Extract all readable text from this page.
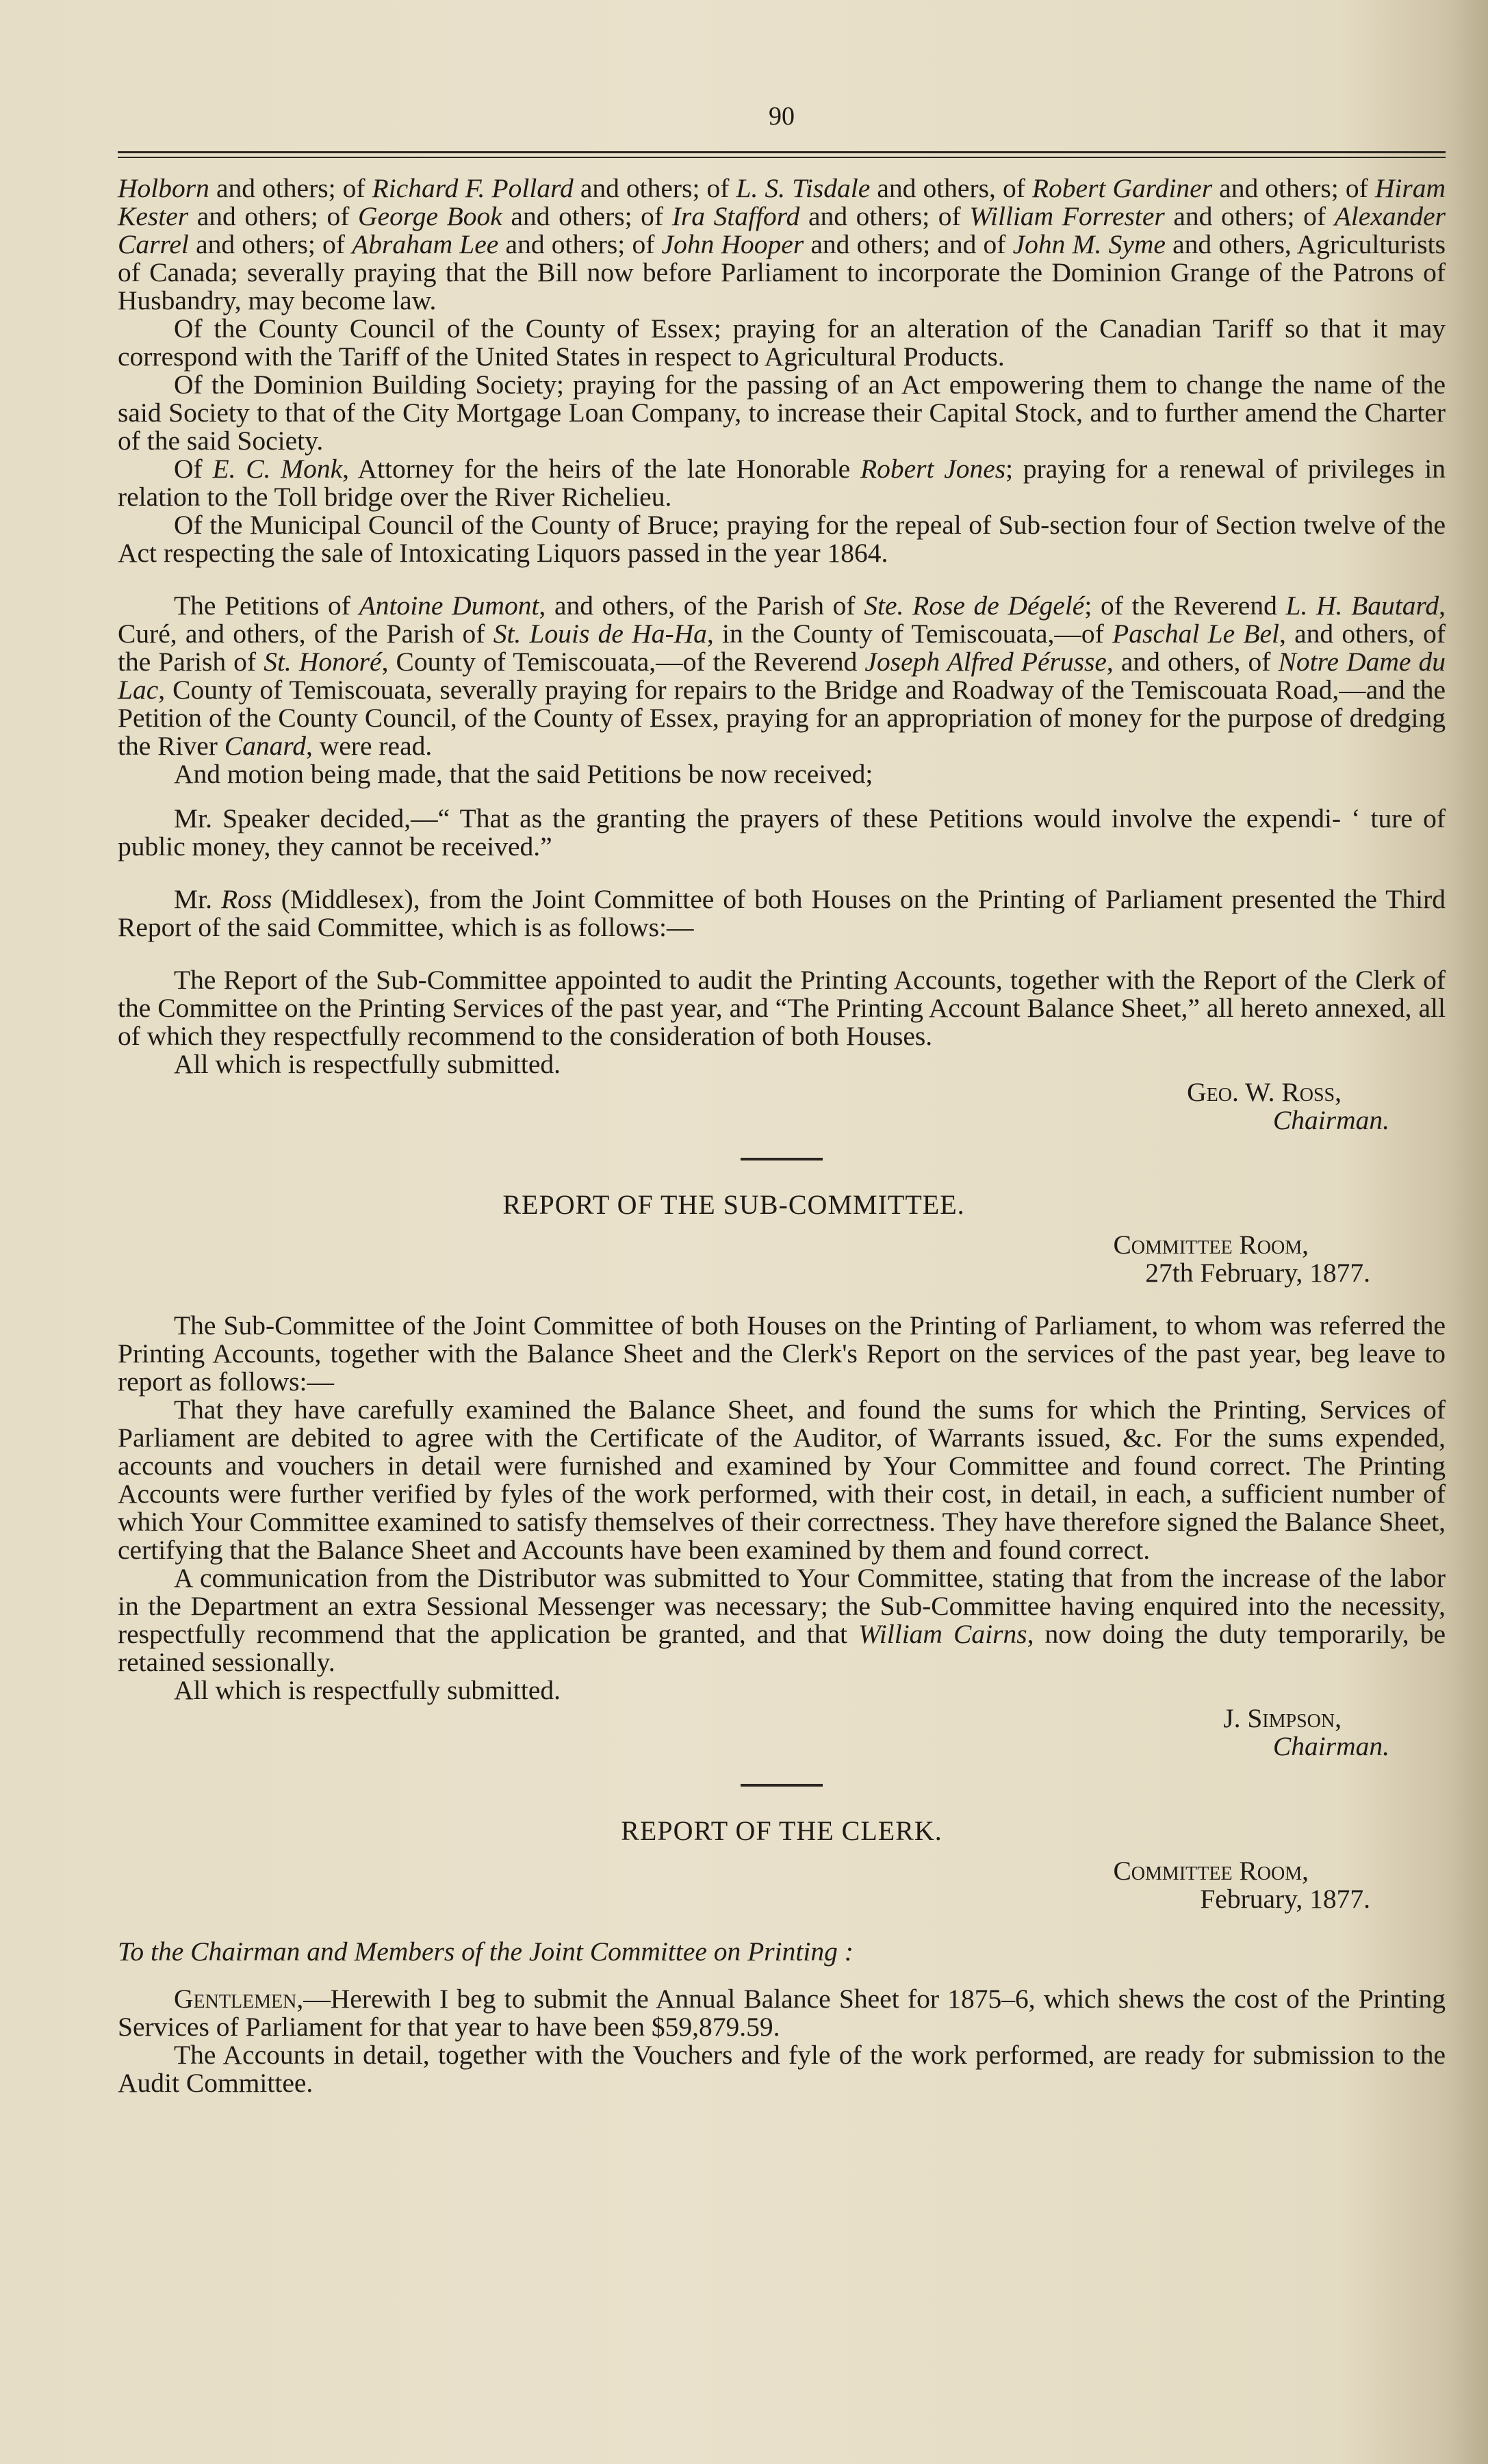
90

Holborn and others; of Richard F. Pollard and others; of L. S. Tisdale and others, of Robert Gardiner and others; of Hiram Kester and others; of George Book and others; of Ira Stafford and others; of William Forrester and others; of Alexander Carrel and others; of Abraham Lee and others; of John Hooper and others; and of John M. Syme and others, Agriculturists of Canada; severally praying that the Bill now before Parliament to incorporate the Dominion Grange of the Patrons of Husbandry, may become law.

Of the County Council of the County of Essex; praying for an alteration of the Canadian Tariff so that it may correspond with the Tariff of the United States in respect to Agricultural Products.

Of the Dominion Building Society; praying for the passing of an Act empowering them to change the name of the said Society to that of the City Mortgage Loan Company, to increase their Capital Stock, and to further amend the Charter of the said Society.

Of E. C. Monk, Attorney for the heirs of the late Honorable Robert Jones; praying for a renewal of privileges in relation to the Toll bridge over the River Richelieu.

Of the Municipal Council of the County of Bruce; praying for the repeal of Sub-section four of Section twelve of the Act respecting the sale of Intoxicating Liquors passed in the year 1864.

The Petitions of Antoine Dumont, and others, of the Parish of Ste. Rose de Dégelé; of the Reverend L. H. Bautard, Curé, and others, of the Parish of St. Louis de Ha-Ha, in the County of Temiscouata,—of Paschal Le Bel, and others, of the Parish of St. Honoré, County of Temiscouata,—of the Reverend Joseph Alfred Pérusse, and others, of Notre Dame du Lac, County of Temiscouata, severally praying for repairs to the Bridge and Roadway of the Temiscouata Road,—and the Petition of the County Council, of the County of Essex, praying for an appropriation of money for the purpose of dredging the River Canard, were read.

And motion being made, that the said Petitions be now received;

Mr. Speaker decided,—“ That as the granting the prayers of these Petitions would involve the expendi- ‘ ture of public money, they cannot be received.”

Mr. Ross (Middlesex), from the Joint Committee of both Houses on the Printing of Parliament presented the Third Report of the said Committee, which is as follows:—

The Report of the Sub-Committee appointed to audit the Printing Accounts, together with the Report of the Clerk of the Committee on the Printing Services of the past year, and “The Printing Account Balance Sheet,” all hereto annexed, all of which they respectfully recommend to the consideration of both Houses.

All which is respectfully submitted.

Geo. W. Ross,
Chairman.
REPORT OF THE SUB-COMMITTEE.
Committee Room,
27th February, 1877.

The Sub-Committee of the Joint Committee of both Houses on the Printing of Parliament, to whom was referred the Printing Accounts, together with the Balance Sheet and the Clerk's Report on the services of the past year, beg leave to report as follows:—

That they have carefully examined the Balance Sheet, and found the sums for which the Printing, Services of Parliament are debited to agree with the Certificate of the Auditor, of Warrants issued, &c. For the sums expended, accounts and vouchers in detail were furnished and examined by Your Committee and found correct. The Printing Accounts were further verified by fyles of the work performed, with their cost, in detail, in each, a sufficient number of which Your Committee examined to satisfy themselves of their correctness. They have therefore signed the Balance Sheet, certifying that the Balance Sheet and Accounts have been examined by them and found correct.

A communication from the Distributor was submitted to Your Committee, stating that from the increase of the labor in the Department an extra Sessional Messenger was necessary; the Sub-Committee having enquired into the necessity, respectfully recommend that the application be granted, and that William Cairns, now doing the duty temporarily, be retained sessionally.

All which is respectfully submitted.

J. Simpson,
Chairman.
REPORT OF THE CLERK.
Committee Room,
February, 1877.
To the Chairman and Members of the Joint Committee on Printing :

Gentlemen,—Herewith I beg to submit the Annual Balance Sheet for 1875–6, which shews the cost of the Printing Services of Parliament for that year to have been $59,879.59.

The Accounts in detail, together with the Vouchers and fyle of the work performed, are ready for submission to the Audit Committee.
